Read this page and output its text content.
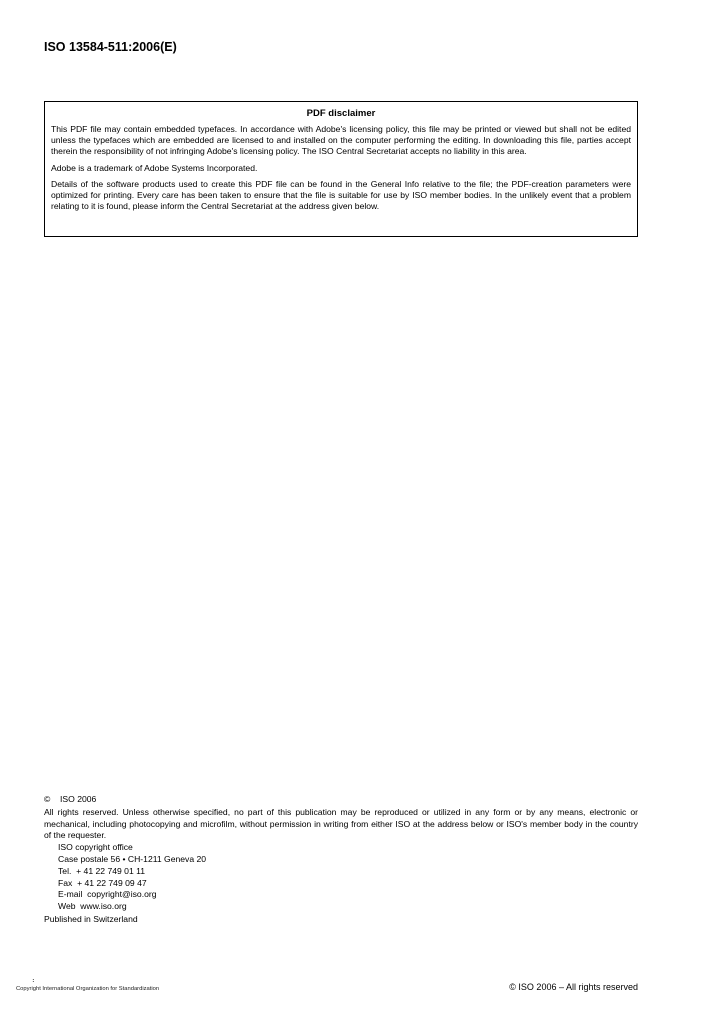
ISO 13584-511:2006(E)
PDF disclaimer

This PDF file may contain embedded typefaces. In accordance with Adobe's licensing policy, this file may be printed or viewed but shall not be edited unless the typefaces which are embedded are licensed to and installed on the computer performing the editing. In downloading this file, parties accept therein the responsibility of not infringing Adobe's licensing policy. The ISO Central Secretariat accepts no liability in this area.

Adobe is a trademark of Adobe Systems Incorporated.

Details of the software products used to create this PDF file can be found in the General Info relative to the file; the PDF-creation parameters were optimized for printing. Every care has been taken to ensure that the file is suitable for use by ISO member bodies. In the unlikely event that a problem relating to it is found, please inform the Central Secretariat at the address given below.

©	ISO 2006

All rights reserved. Unless otherwise specified, no part of this publication may be reproduced or utilized in any form or by any means, electronic or mechanical, including photocopying and microfilm, without permission in writing from either ISO at the address below or ISO's member body in the country of the requester.

ISO copyright office
Case postale 56 • CH-1211 Geneva 20
Tel.  + 41 22 749 01 11
Fax  + 41 22 749 09 47
E-mail  copyright@iso.org
Web  www.iso.org
Published in Switzerland
⠃
Copyright International Organization for Standardization	© ISO 2006 – All rights reserved
